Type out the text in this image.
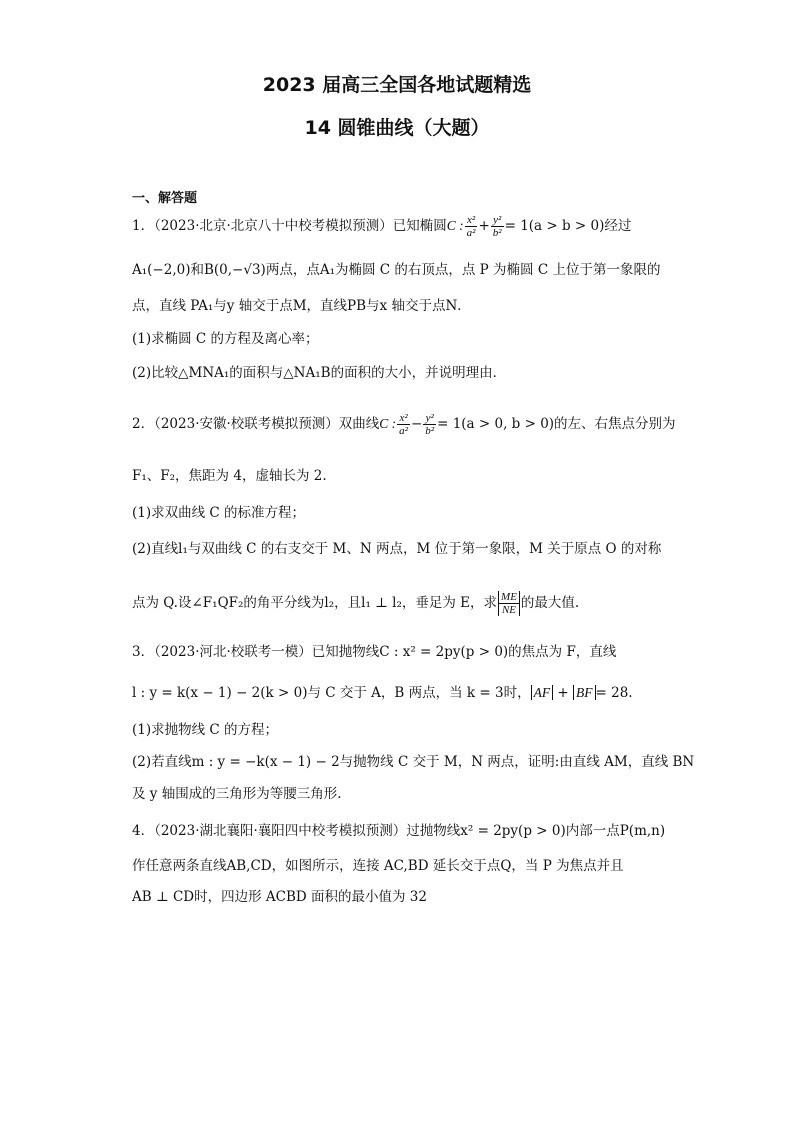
2023 届高三全国各地试题精选
14 圆锥曲线（大题）
一、解答题
1．（2023·北京·北京八十中校考模拟预测）已知椭圆C : $\frac{\text{x²}}{\text{a²}} + \frac{\text{y²}}{\text{b²}} = 1(a > b > 0)$经过
A₁(−2,0)和B(0,−√3)两点，点A₁为椭圆 C 的右顶点，点 P 为椭圆 C 上位于第一象限的
点，直线 PA₁与y 轴交于点M，直线PB与x 轴交于点N．
(1)求椭圆 C 的方程及离心率；
(2)比较△MNA₁的面积与△NA₁B的面积的大小，并说明理由．
2．（2023·安徽·校联考模拟预测）双曲线C : $\frac{\text{x²}}{\text{a²}} - \frac{\text{y²}}{\text{b²}} = 1(a > 0$, b > 0)的左、右焦点分别为
F₁、F₂，焦距为 4，虚轴长为 2.
(1)求双曲线 C 的标准方程；
(2)直线l₁与双曲线 C 的右支交于 M、N 两点，M 位于第一象限，M 关于原点 O 的对称
点为 Q.设∠F₁QF₂的角平分线为l₂，且l₁ ⊥ l₂，垂足为 E，求 $\frac{ME}{NE}$ 的最大值.
3．（2023·河北·校联考一模）已知抛物线C : x² = 2py(p > 0)的焦点为 F，直线
l : y = k(x − 1) − 2(k > 0)与 C 交于 A，B 两点，当 k = 3时， AF + BF = 28.
(1)求抛物线 C 的方程；
(2)若直线m : y = −k(x − 1) − 2与抛物线 C 交于 M，N 两点，证明:由直线 AM，直线 BN
及 y 轴围成的三角形为等腰三角形.
4．（2023·湖北襄阳·襄阳四中校考模拟预测）过抛物线x² = 2py(p > 0)内部一点P(m,n)
作任意两条直线AB,CD，如图所示，连接 AC,BD 延长交于点Q，当 P 为焦点并且
AB ⊥ CD时，四边形 ACBD 面积的最小值为 32
